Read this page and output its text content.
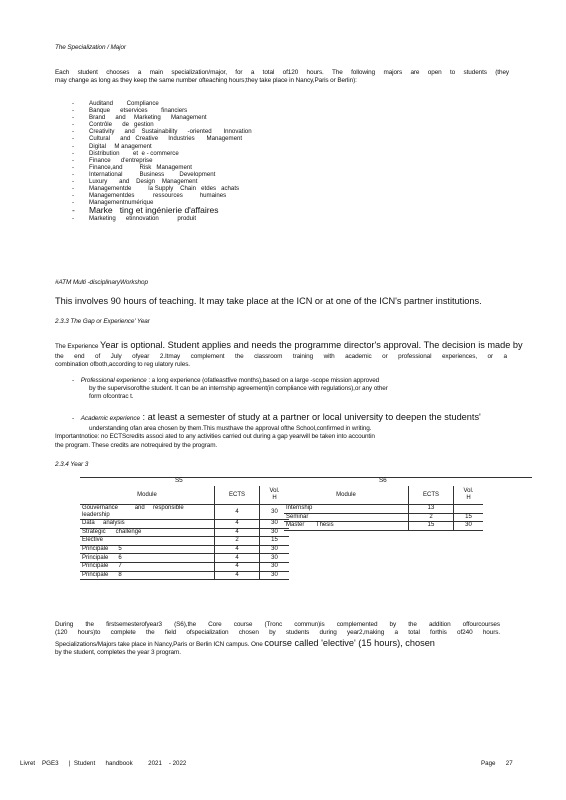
The Specialization / Major
Each student chooses a main specialization/major, for a total of120 hours. The following majors are open to students (they
may change as long as they keep the same number ofteaching hours;they take place in Nancy,Paris or Berlin):
- Auditand        Compliance
- Banque      etservices        financiers
- Brand      and     Marketing      Management
- Contrôle      de   gestion
- Creativity      and    Sustainability      -oriented       Innovation
- Cultural      and   Creative      Industries       Management
- Digital     M anagement
- Distribution        et  e - commerce
- Finance      d'entreprise
- Finance,and          Risk   Management
- International          Business         Development
- Luxury       and    Design    Management
- Managementde          la Supply    Chain   etdes   achats
- Managementdes           ressources          humaines
- Managementnumérique
- Marke   ting et ingénierie d'affaires
- Marketing      etinnovation           produit
#ATM Multi -disciplinaryWorkshop
This involves 90 hours of teaching. It may take place at the ICN or at one of the ICN's partner institutions.
2.3.3 The Gap or Experience' Year
The Experience Year is optional. Student applies and needs the programme director's approval. The decision is made by
the end of July ofyear 2.Itmay complement the classroom training with academic or professional experiences, or a
combination ofboth,according to reg ulatory rules.
-    Professional experience : a long experience (ofatleastfive months),based on a large -scope mission approved
by the supervisorofthe student. It can be an internship agreement(in compliance with regulations),or any other
form ofcontrac t.
-    Academic experience : at least a semester of study at a partner or local university to deepen the students'
understanding ofan area chosen by them.This musthave the approval ofthe School,confirmed in writing.
Importantnotice: no ECTScredits associ ated to any activities carried out during a gap yearwill be taken into accountin
the program. These credits are notrequired by the program.
2.3.4 Year 3
S5	S6
Module	ECTS	Vol.
H
Gouvernance          and     responsible
leadership	4	30
Data     analysis	4	30
Strategic      challenge	4	30
Elective	2	15
Principale      5	4	30
Principale      6	4	30
Principale      7	4	30
Principale      8	4	30
Module	ECTS	Vol.
H
Internship	13	
Seminar	2	15
Master       Thesis	15	30
During the firstsemesterofyear3 (S6),the Core course (Tronc commun)is complemented by the addition offourcourses
(120 hours)to complete the field ofspecialization chosen by students during year2,making a total forthis of240 hours.
Specializations/Majors take place in Nancy,Paris or Berlin ICN campus. One course called 'elective' (15 hours), chosen
by the student, completes the year 3 program.
Livret    PGE3      |  Student      handbook         2021    - 2022	Page      27
